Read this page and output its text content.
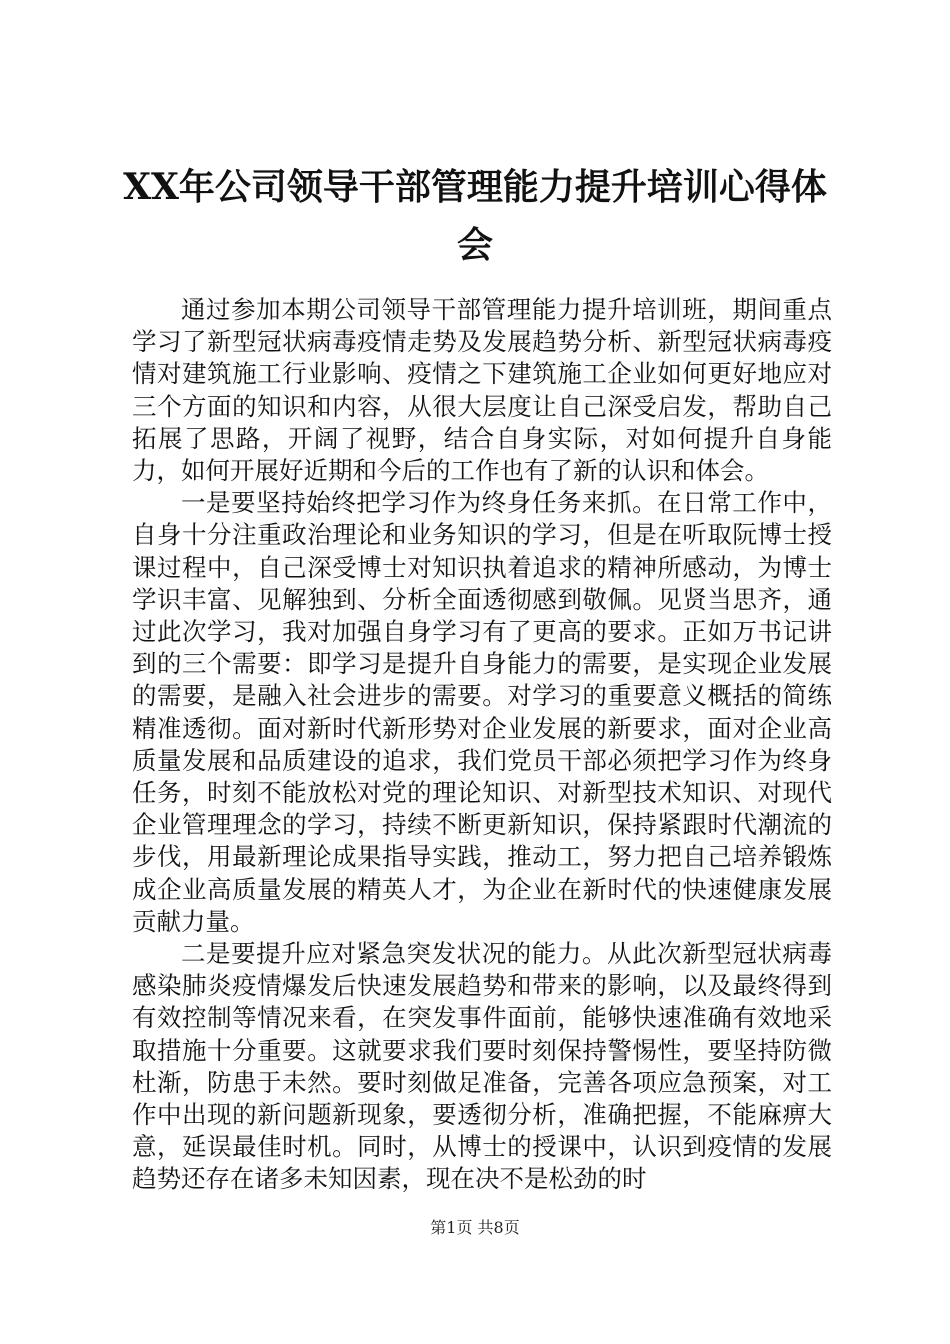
XX年公司领导干部管理能力提升培训心得体会

通过参加本期公司领导干部管理能力提升培训班，期间重点学习了新型冠状病毒疫情走势及发展趋势分析、新型冠状病毒疫情对建筑施工行业影响、疫情之下建筑施工企业如何更好地应对三个方面的知识和内容，从很大层度让自己深受启发，帮助自己拓展了思路，开阔了视野，结合自身实际，对如何提升自身能力，如何开展好近期和今后的工作也有了新的认识和体会。

一是要坚持始终把学习作为终身任务来抓。在日常工作中，自身十分注重政治理论和业务知识的学习，但是在听取阮博士授课过程中，自己深受博士对知识执着追求的精神所感动，为博士学识丰富、见解独到、分析全面透彻感到敬佩。见贤当思齐，通过此次学习，我对加强自身学习有了更高的要求。正如万书记讲到的三个需要：即学习是提升自身能力的需要，是实现企业发展的需要，是融入社会进步的需要。对学习的重要意义概括的简练精准透彻。面对新时代新形势对企业发展的新要求，面对企业高质量发展和品质建设的追求，我们党员干部必须把学习作为终身任务，时刻不能放松对党的理论知识、对新型技术知识、对现代企业管理理念的学习，持续不断更新知识，保持紧跟时代潮流的步伐，用最新理论成果指导实践，推动工，努力把自己培养锻炼成企业高质量发展的精英人才，为企业在新时代的快速健康发展贡献力量。

二是要提升应对紧急突发状况的能力。从此次新型冠状病毒感染肺炎疫情爆发后快速发展趋势和带来的影响，以及最终得到有效控制等情况来看，在突发事件面前，能够快速准确有效地采取措施十分重要。这就要求我们要时刻保持警惕性，要坚持防微杜渐，防患于未然。要时刻做足准备，完善各项应急预案，对工作中出现的新问题新现象，要透彻分析，准确把握，不能麻痹大意，延误最佳时机。同时，从博士的授课中，认识到疫情的发展趋势还存在诸多未知因素，现在决不是松劲的时

第1页 共8页
